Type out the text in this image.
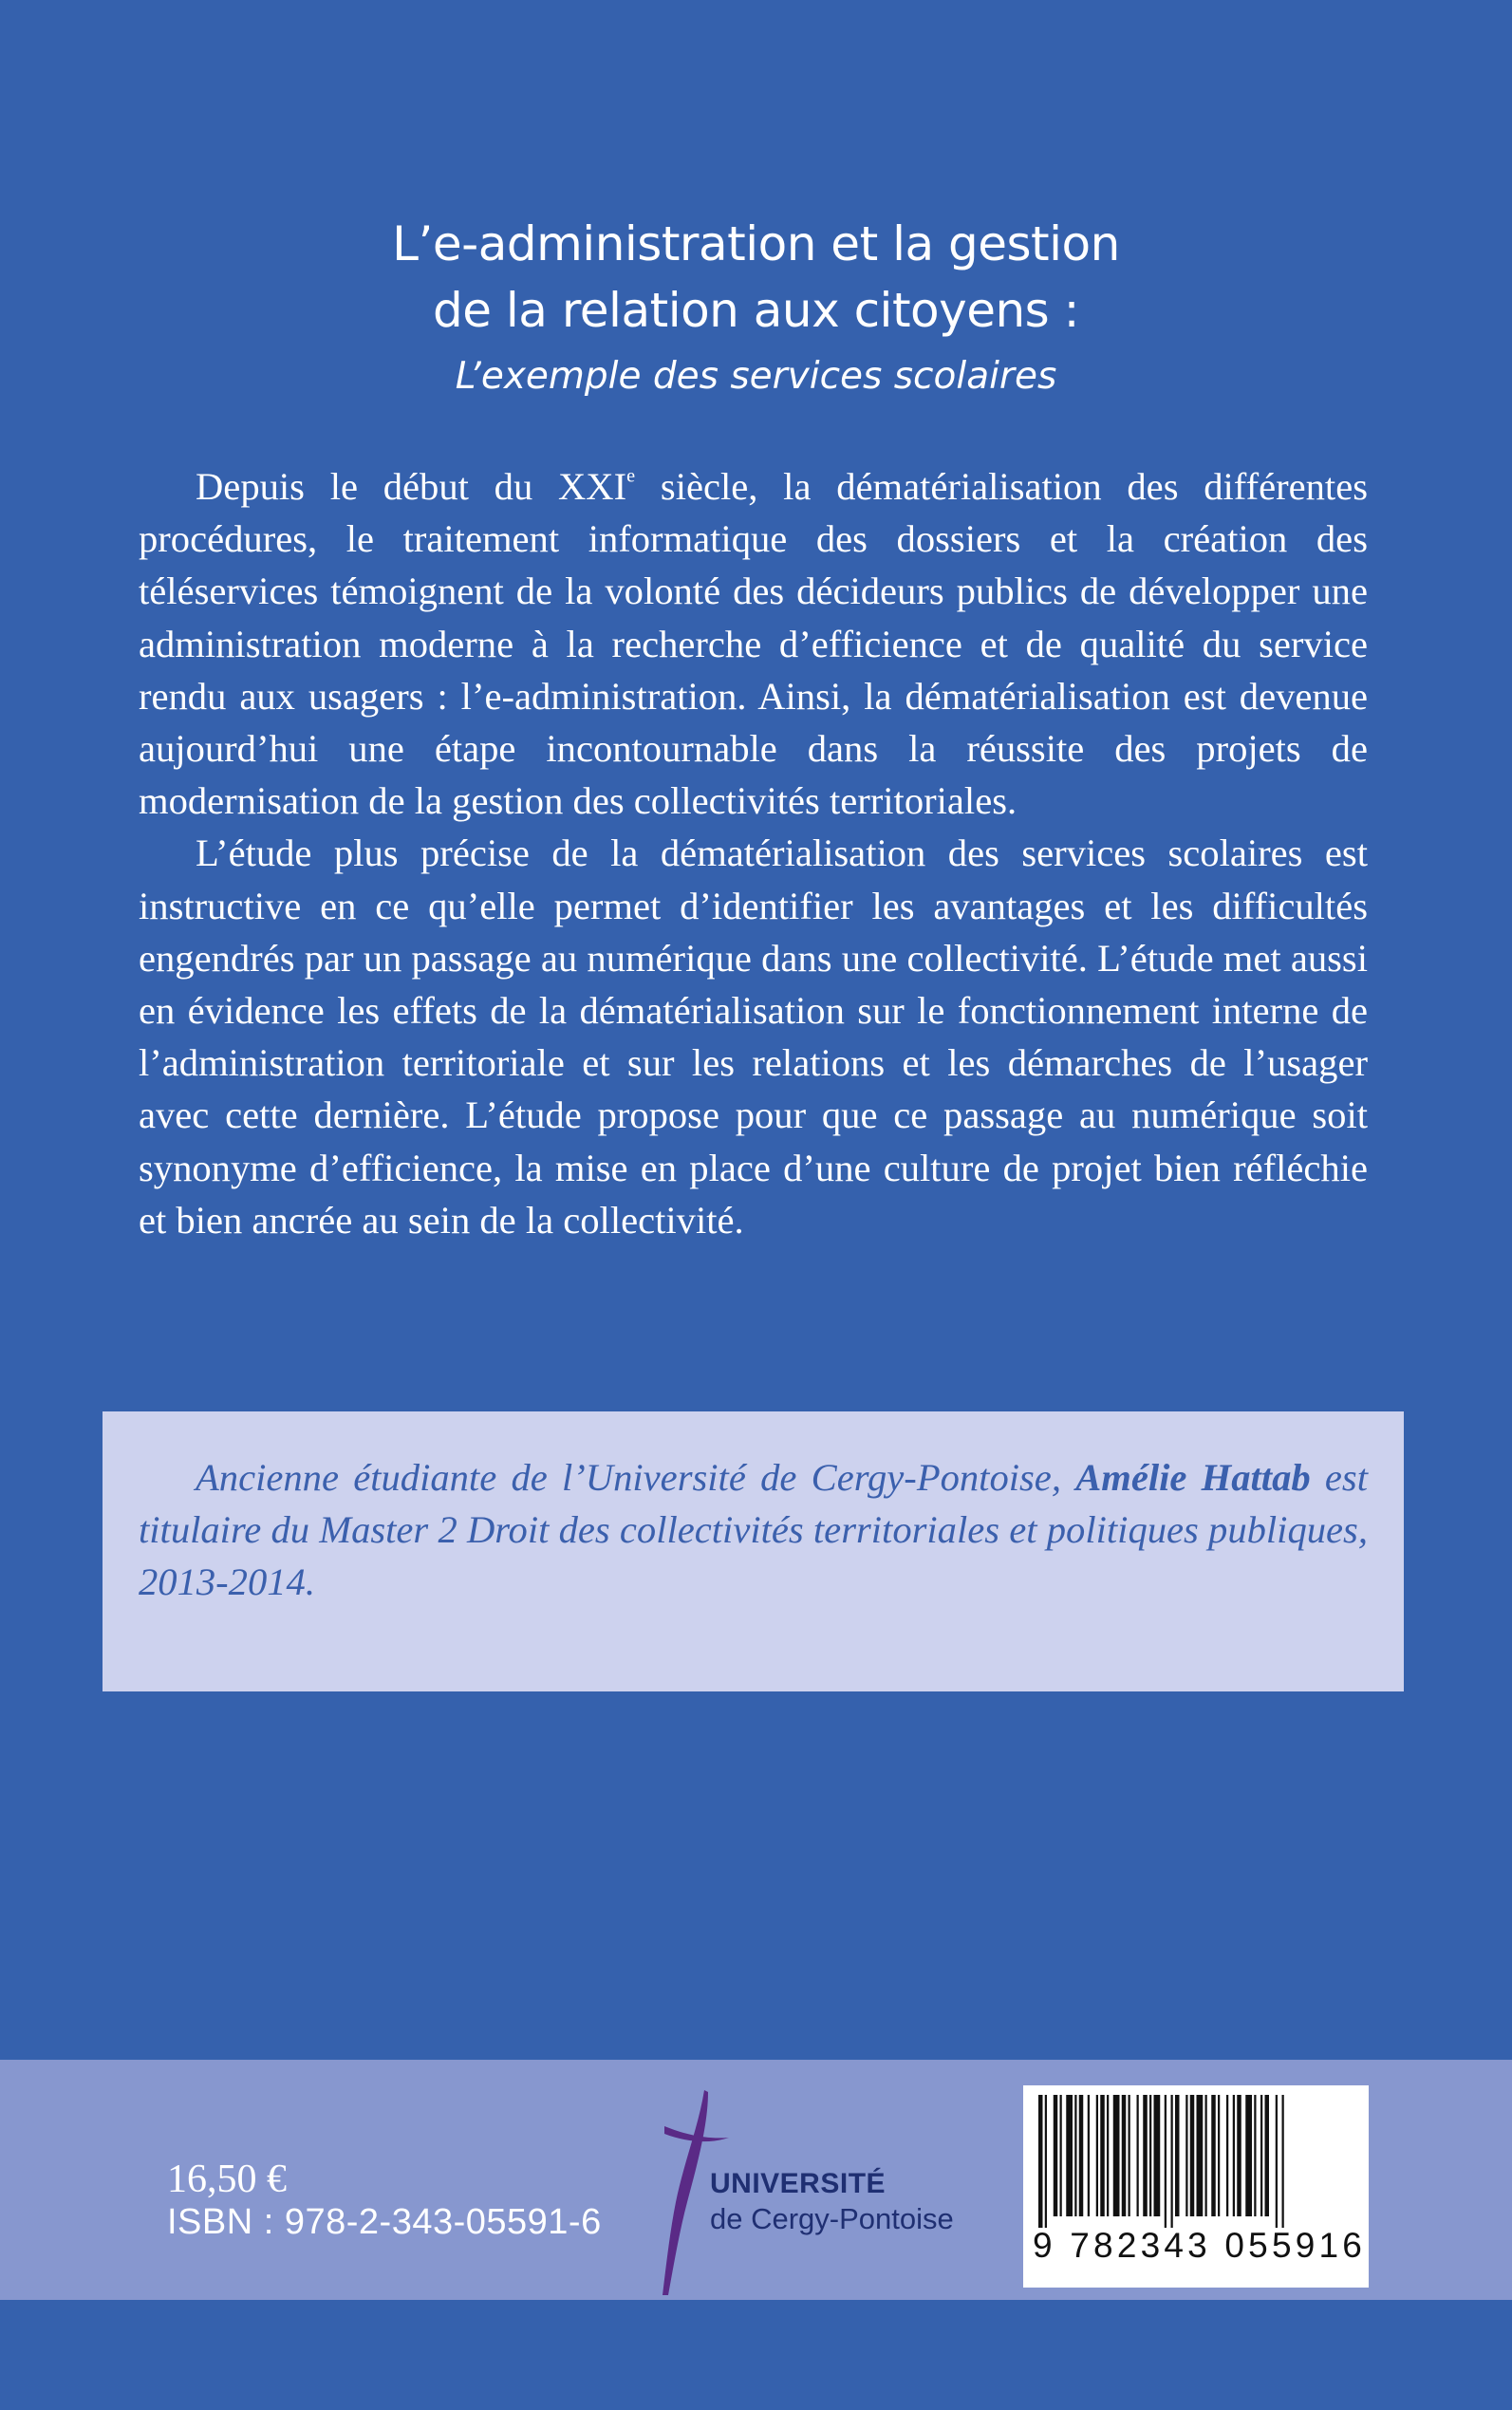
L’e-administration et la gestion
de la relation aux citoyens :
L’exemple des services scolaires

Depuis le début du XXIe siècle, la dématérialisation des différentes procédures, le traitement informatique des dossiers et la création des téléservices témoignent de la volonté des décideurs publics de développer une administration moderne à la recherche d’efficience et de qualité du service rendu aux usagers : l’e-administration. Ainsi, la dématérialisation est devenue aujourd’hui une étape incontournable dans la réussite des projets de modernisation de la gestion des collectivités territoriales.

L’étude plus précise de la dématérialisation des services scolaires est instructive en ce qu’elle permet d’identifier les avantages et les difficultés engendrés par un passage au numérique dans une collectivité. L’étude met aussi en évidence les effets de la dématérialisation sur le fonctionnement interne de l’administration territoriale et sur les relations et les démarches de l’usager avec cette dernière. L’étude propose pour que ce passage au numérique soit synonyme d’efficience, la mise en place d’une culture de projet bien réfléchie et bien ancrée au sein de la collectivité.

Ancienne étudiante de l’Université de Cergy-Pontoise, Amélie Hattab est titulaire du Master 2 Droit des collectivités territoriales et politiques publiques, 2013-2014.

16,50 €
ISBN : 978-2-343-05591-6
UNIVERSITÉ
de Cergy-Pontoise
9 782343 055916
